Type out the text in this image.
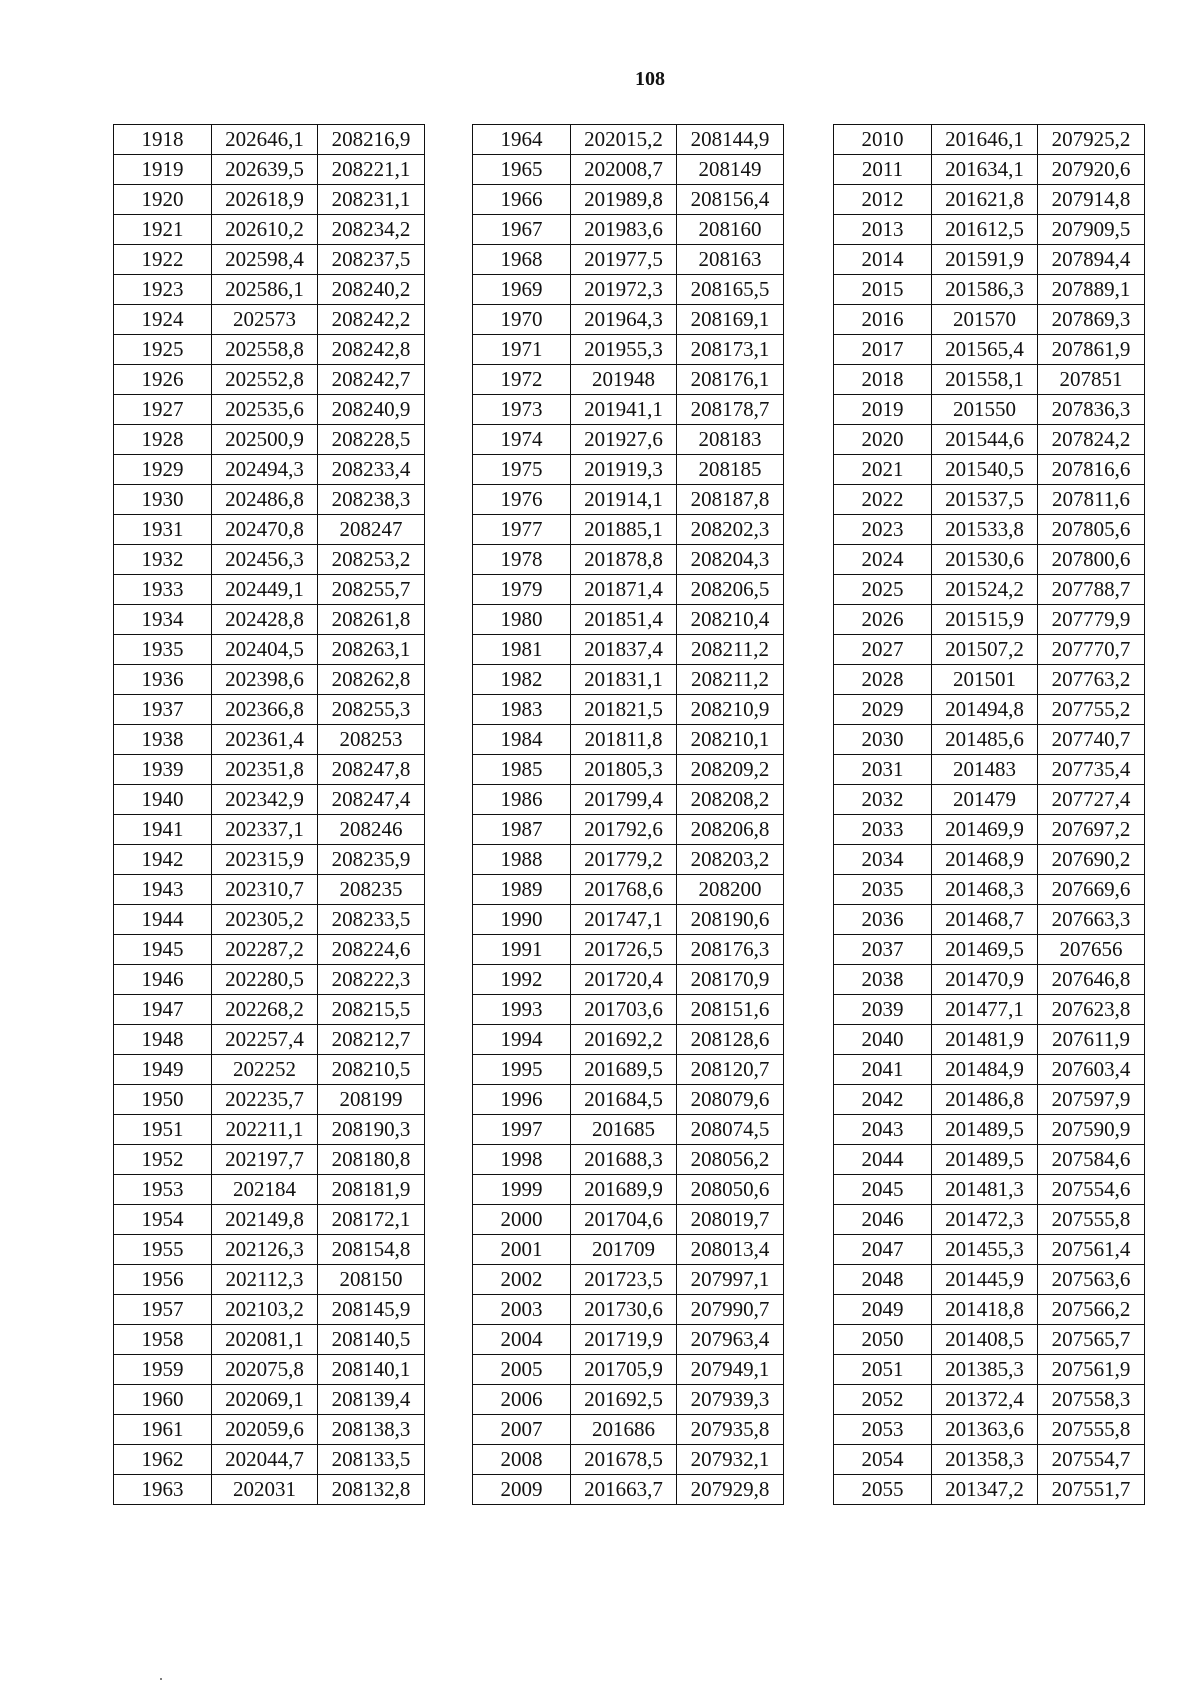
108
1918	202646,1	208216,9
1919	202639,5	208221,1
1920	202618,9	208231,1
1921	202610,2	208234,2
1922	202598,4	208237,5
1923	202586,1	208240,2
1924	202573	208242,2
1925	202558,8	208242,8
1926	202552,8	208242,7
1927	202535,6	208240,9
1928	202500,9	208228,5
1929	202494,3	208233,4
1930	202486,8	208238,3
1931	202470,8	208247
1932	202456,3	208253,2
1933	202449,1	208255,7
1934	202428,8	208261,8
1935	202404,5	208263,1
1936	202398,6	208262,8
1937	202366,8	208255,3
1938	202361,4	208253
1939	202351,8	208247,8
1940	202342,9	208247,4
1941	202337,1	208246
1942	202315,9	208235,9
1943	202310,7	208235
1944	202305,2	208233,5
1945	202287,2	208224,6
1946	202280,5	208222,3
1947	202268,2	208215,5
1948	202257,4	208212,7
1949	202252	208210,5
1950	202235,7	208199
1951	202211,1	208190,3
1952	202197,7	208180,8
1953	202184	208181,9
1954	202149,8	208172,1
1955	202126,3	208154,8
1956	202112,3	208150
1957	202103,2	208145,9
1958	202081,1	208140,5
1959	202075,8	208140,1
1960	202069,1	208139,4
1961	202059,6	208138,3
1962	202044,7	208133,5
1963	202031	208132,8
1964	202015,2	208144,9
1965	202008,7	208149
1966	201989,8	208156,4
1967	201983,6	208160
1968	201977,5	208163
1969	201972,3	208165,5
1970	201964,3	208169,1
1971	201955,3	208173,1
1972	201948	208176,1
1973	201941,1	208178,7
1974	201927,6	208183
1975	201919,3	208185
1976	201914,1	208187,8
1977	201885,1	208202,3
1978	201878,8	208204,3
1979	201871,4	208206,5
1980	201851,4	208210,4
1981	201837,4	208211,2
1982	201831,1	208211,2
1983	201821,5	208210,9
1984	201811,8	208210,1
1985	201805,3	208209,2
1986	201799,4	208208,2
1987	201792,6	208206,8
1988	201779,2	208203,2
1989	201768,6	208200
1990	201747,1	208190,6
1991	201726,5	208176,3
1992	201720,4	208170,9
1993	201703,6	208151,6
1994	201692,2	208128,6
1995	201689,5	208120,7
1996	201684,5	208079,6
1997	201685	208074,5
1998	201688,3	208056,2
1999	201689,9	208050,6
2000	201704,6	208019,7
2001	201709	208013,4
2002	201723,5	207997,1
2003	201730,6	207990,7
2004	201719,9	207963,4
2005	201705,9	207949,1
2006	201692,5	207939,3
2007	201686	207935,8
2008	201678,5	207932,1
2009	201663,7	207929,8
2010	201646,1	207925,2
2011	201634,1	207920,6
2012	201621,8	207914,8
2013	201612,5	207909,5
2014	201591,9	207894,4
2015	201586,3	207889,1
2016	201570	207869,3
2017	201565,4	207861,9
2018	201558,1	207851
2019	201550	207836,3
2020	201544,6	207824,2
2021	201540,5	207816,6
2022	201537,5	207811,6
2023	201533,8	207805,6
2024	201530,6	207800,6
2025	201524,2	207788,7
2026	201515,9	207779,9
2027	201507,2	207770,7
2028	201501	207763,2
2029	201494,8	207755,2
2030	201485,6	207740,7
2031	201483	207735,4
2032	201479	207727,4
2033	201469,9	207697,2
2034	201468,9	207690,2
2035	201468,3	207669,6
2036	201468,7	207663,3
2037	201469,5	207656
2038	201470,9	207646,8
2039	201477,1	207623,8
2040	201481,9	207611,9
2041	201484,9	207603,4
2042	201486,8	207597,9
2043	201489,5	207590,9
2044	201489,5	207584,6
2045	201481,3	207554,6
2046	201472,3	207555,8
2047	201455,3	207561,4
2048	201445,9	207563,6
2049	201418,8	207566,2
2050	201408,5	207565,7
2051	201385,3	207561,9
2052	201372,4	207558,3
2053	201363,6	207555,8
2054	201358,3	207554,7
2055	201347,2	207551,7
